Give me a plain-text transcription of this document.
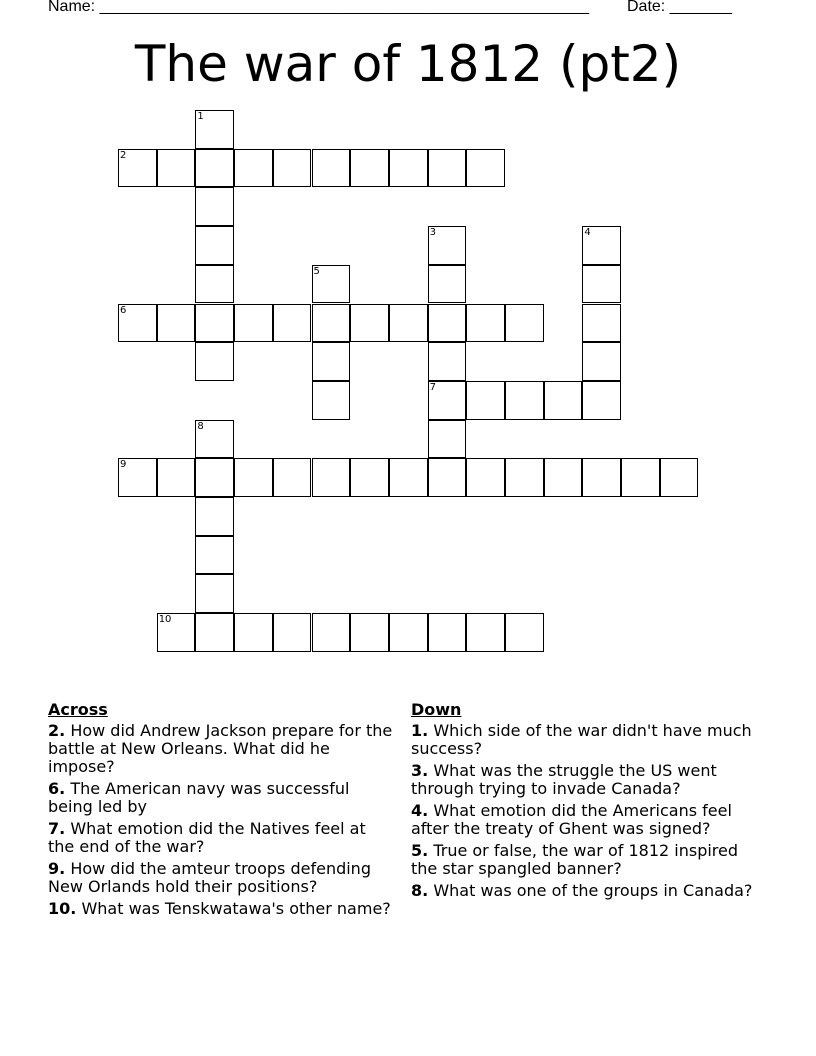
Name: _______________________________________________________ Date: _______
The war of 1812 (pt2)
1
2
3
7
4
5
6
8
9
10
Across
2. How did Andrew Jackson prepare for the battle at New Orleans. What did he impose?
6. The American navy was successful being led by
7. What emotion did the Natives feel at the end of the war?
9. How did the amteur troops defending New Orlands hold their positions?
10. What was Tenskwatawa's other name?
Down
1. Which side of the war didn't have much success?
3. What was the struggle the US went through trying to invade Canada?
4. What emotion did the Americans feel after the treaty of Ghent was signed?
5. True or false, the war of 1812 inspired the star spangled banner?
8. What was one of the groups in Canada?
